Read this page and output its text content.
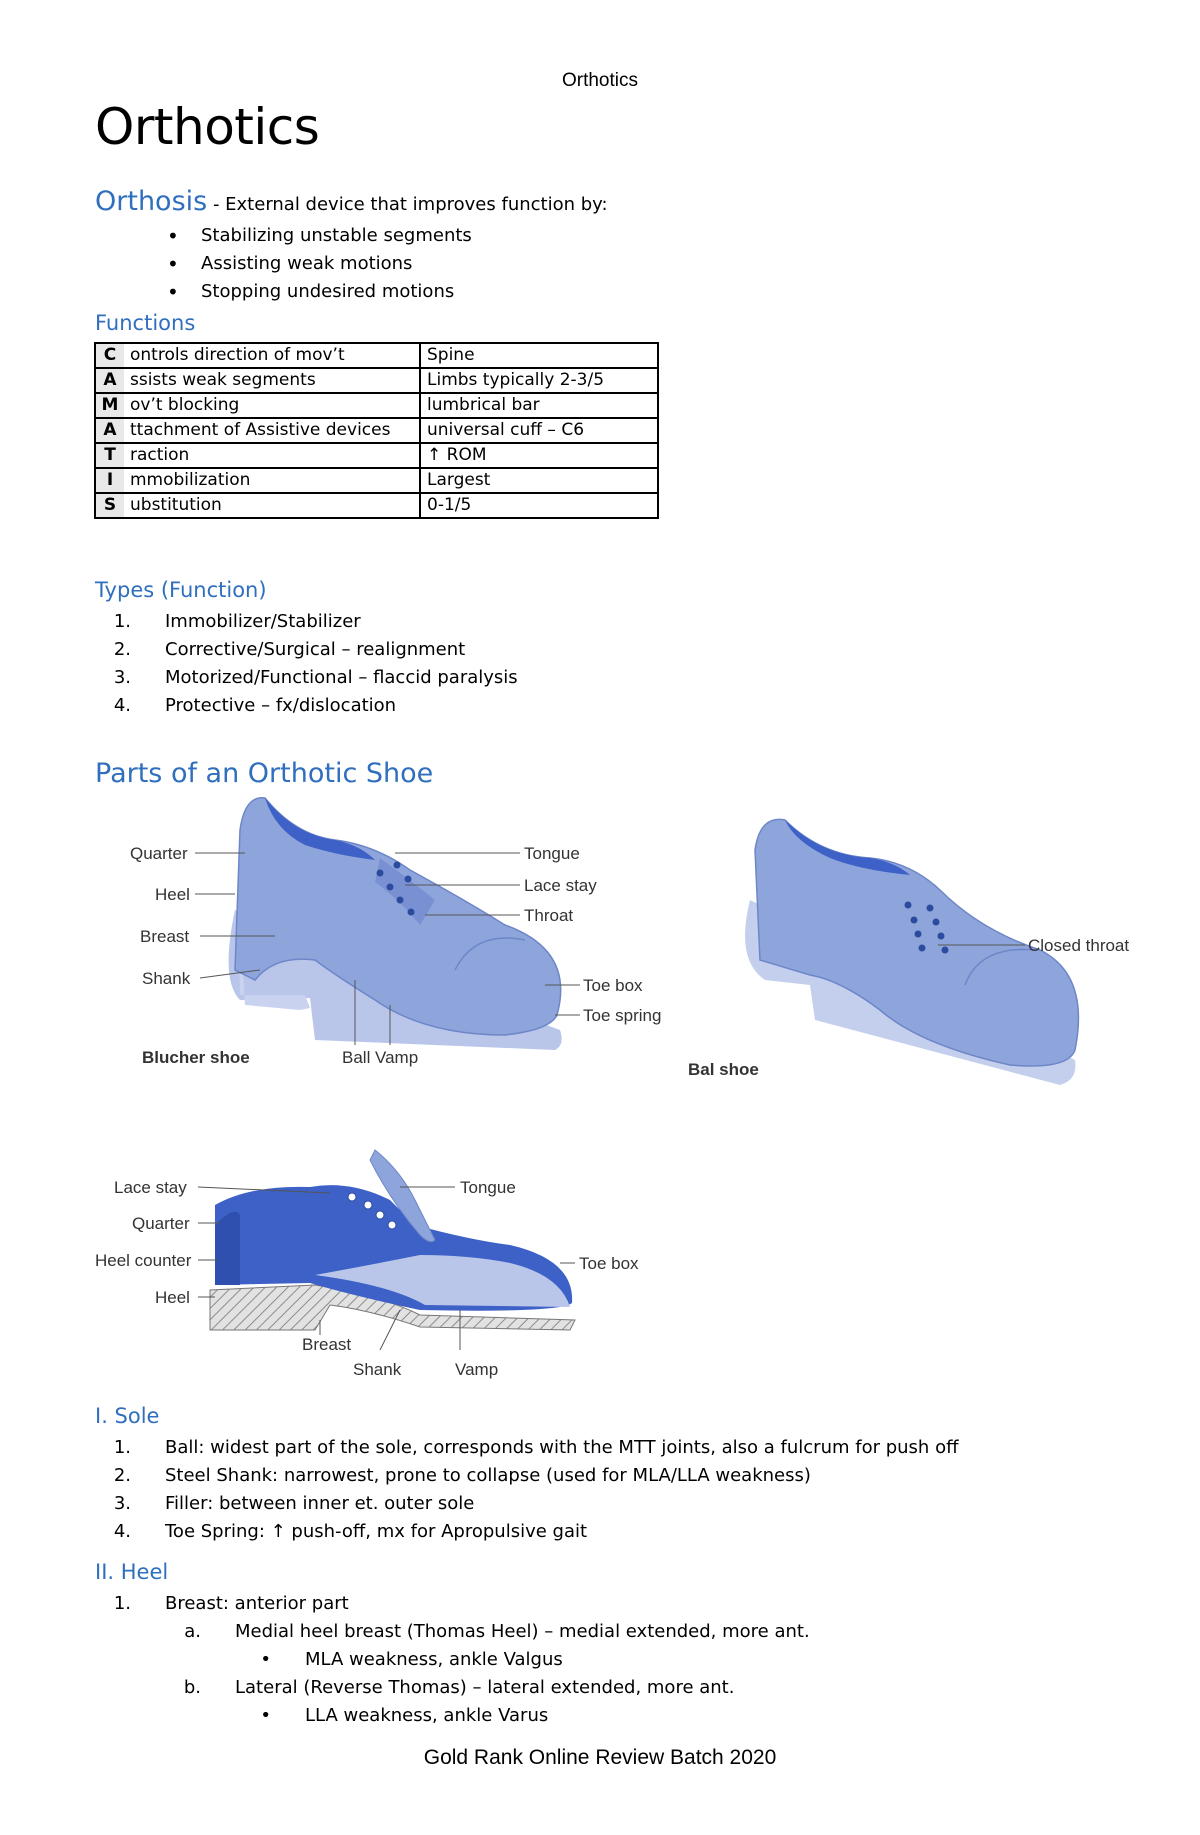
Orthotics
Orthotics
Orthosis - External device that improves function by:
• Stabilizing unstable segments
• Assisting weak motions
• Stopping undesired motions
Functions
C	ontrols direction of mov’t	Spine
A	ssists weak segments	Limbs typically 2-3/5
M	ov’t blocking	lumbrical bar
A	ttachment of Assistive devices	universal cuff – C6
T	raction	↑ ROM
I	mmobilization	Largest
S	ubstitution	0-1/5
Types (Function)
1. Immobilizer/Stabilizer
2. Corrective/Surgical – realignment
3. Motorized/Functional – flaccid paralysis
4. Protective – fx/dislocation
Parts of an Orthotic Shoe
Quarter
Heel
Breast
Shank
Tongue
Lace stay
Throat
Toe box
Toe spring
Ball Vamp
Blucher shoe
Closed throat
Bal shoe
Lace stay
Quarter
Heel counter
Heel
Tongue
Toe box
Breast
Shank	Vamp
I. Sole
1. Ball: widest part of the sole, corresponds with the MTT joints, also a fulcrum for push off
2. Steel Shank: narrowest, prone to collapse (used for MLA/LLA weakness)
3. Filler: between inner et. outer sole
4. Toe Spring: ↑ push-off, mx for Apropulsive gait
II. Heel
1. Breast: anterior part
a. Medial heel breast (Thomas Heel) – medial extended, more ant.
• MLA weakness, ankle Valgus
b. Lateral (Reverse Thomas) – lateral extended, more ant.
• LLA weakness, ankle Varus
Gold Rank Online Review Batch 2020
